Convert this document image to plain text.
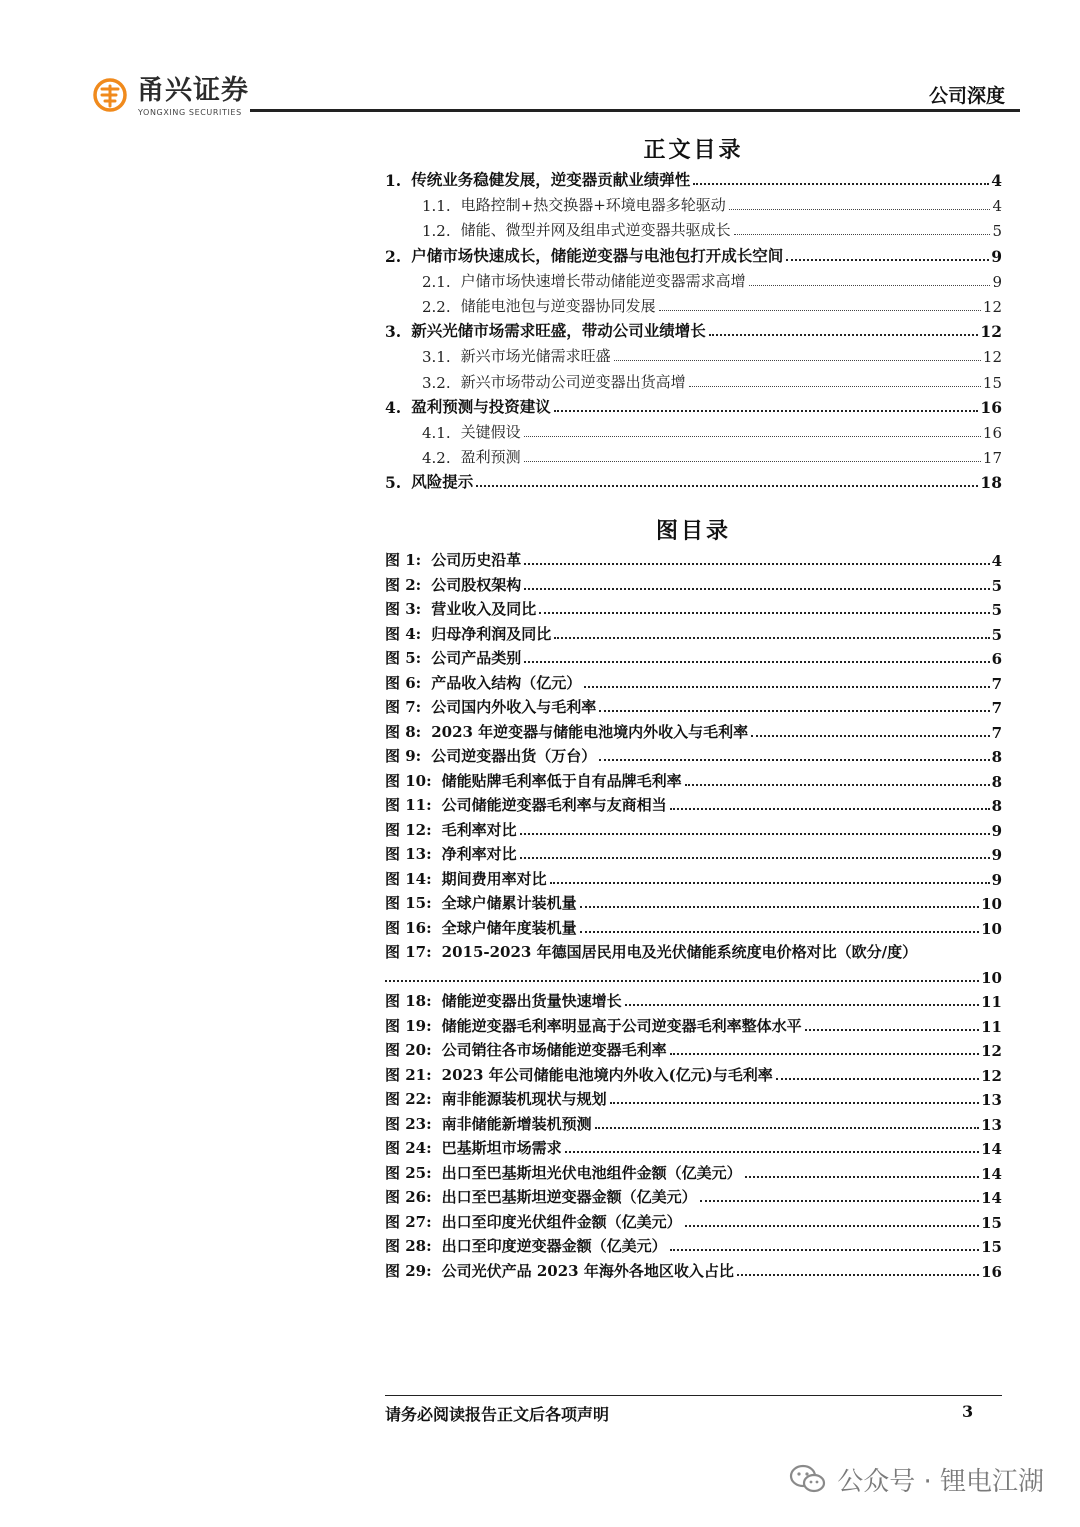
甬兴证券
YONGXING SECURITIES
公司深度
正文目录
1. 传统业务稳健发展，逆变器贡献业绩弹性	4
1.1. 电路控制+热交换器+环境电器多轮驱动	4
1.2. 储能、微型并网及组串式逆变器共驱成长	5
2. 户储市场快速成长，储能逆变器与电池包打开成长空间	9
2.1. 户储市场快速增长带动储能逆变器需求高增	9
2.2. 储能电池包与逆变器协同发展	12
3. 新兴光储市场需求旺盛，带动公司业绩增长	12
3.1. 新兴市场光储需求旺盛	12
3.2. 新兴市场带动公司逆变器出货高增	15
4. 盈利预测与投资建议	16
4.1. 关键假设	16
4.2. 盈利预测	17
5. 风险提示	18
图目录
图 1: 公司历史沿革	4
图 2: 公司股权架构	5
图 3: 营业收入及同比	5
图 4: 归母净利润及同比	5
图 5: 公司产品类别	6
图 6: 产品收入结构（亿元）	7
图 7: 公司国内外收入与毛利率	7
图 8: 2023 年逆变器与储能电池境内外收入与毛利率	7
图 9: 公司逆变器出货（万台）	8
图 10: 储能贴牌毛利率低于自有品牌毛利率	8
图 11: 公司储能逆变器毛利率与友商相当	8
图 12: 毛利率对比	9
图 13: 净利率对比	9
图 14: 期间费用率对比	9
图 15: 全球户储累计装机量	10
图 16: 全球户储年度装机量	10
图 17: 2015-2023 年德国居民用电及光伏储能系统度电价格对比（欧分/度）
10
图 18: 储能逆变器出货量快速增长	11
图 19: 储能逆变器毛利率明显高于公司逆变器毛利率整体水平	11
图 20: 公司销往各市场储能逆变器毛利率	12
图 21: 2023 年公司储能电池境内外收入(亿元)与毛利率	12
图 22: 南非能源装机现状与规划	13
图 23: 南非储能新增装机预测	13
图 24: 巴基斯坦市场需求	14
图 25: 出口至巴基斯坦光伏电池组件金额（亿美元）	14
图 26: 出口至巴基斯坦逆变器金额（亿美元）	14
图 27: 出口至印度光伏组件金额（亿美元）	15
图 28: 出口至印度逆变器金额（亿美元）	15
图 29: 公司光伏产品 2023 年海外各地区收入占比	16
请务必阅读报告正文后各项声明	3
公众号 · 锂电江湖
